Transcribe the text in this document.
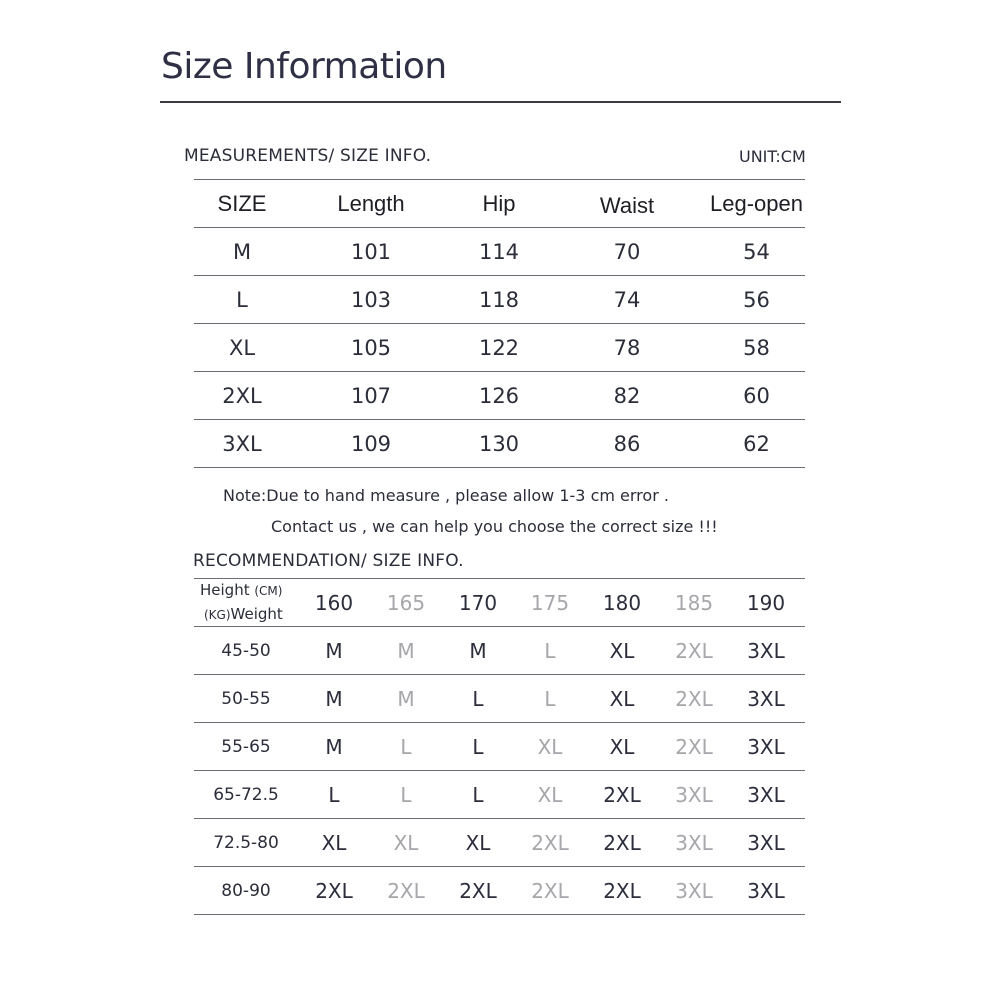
Size Information
MEASUREMENTS/ SIZE INFO.	UNIT:CM
SIZE	Length	Hip	Waist	Leg-open
M	101	114	70	54
L	103	118	74	56
XL	105	122	78	58
2XL	107	126	82	60
3XL	109	130	86	62
Note:Due to hand measure , please allow 1-3 cm error .
Contact us , we can help you choose the correct size !!!
RECOMMENDATION/ SIZE INFO.
Height (CM)
(KG)Weight	160	165	170	175	180	185	190
45-50	M	M	M	L	XL	2XL	3XL
50-55	M	M	L	L	XL	2XL	3XL
55-65	M	L	L	XL	XL	2XL	3XL
65-72.5	L	L	L	XL	2XL	3XL	3XL
72.5-80	XL	XL	XL	2XL	2XL	3XL	3XL
80-90	2XL	2XL	2XL	2XL	2XL	3XL	3XL
